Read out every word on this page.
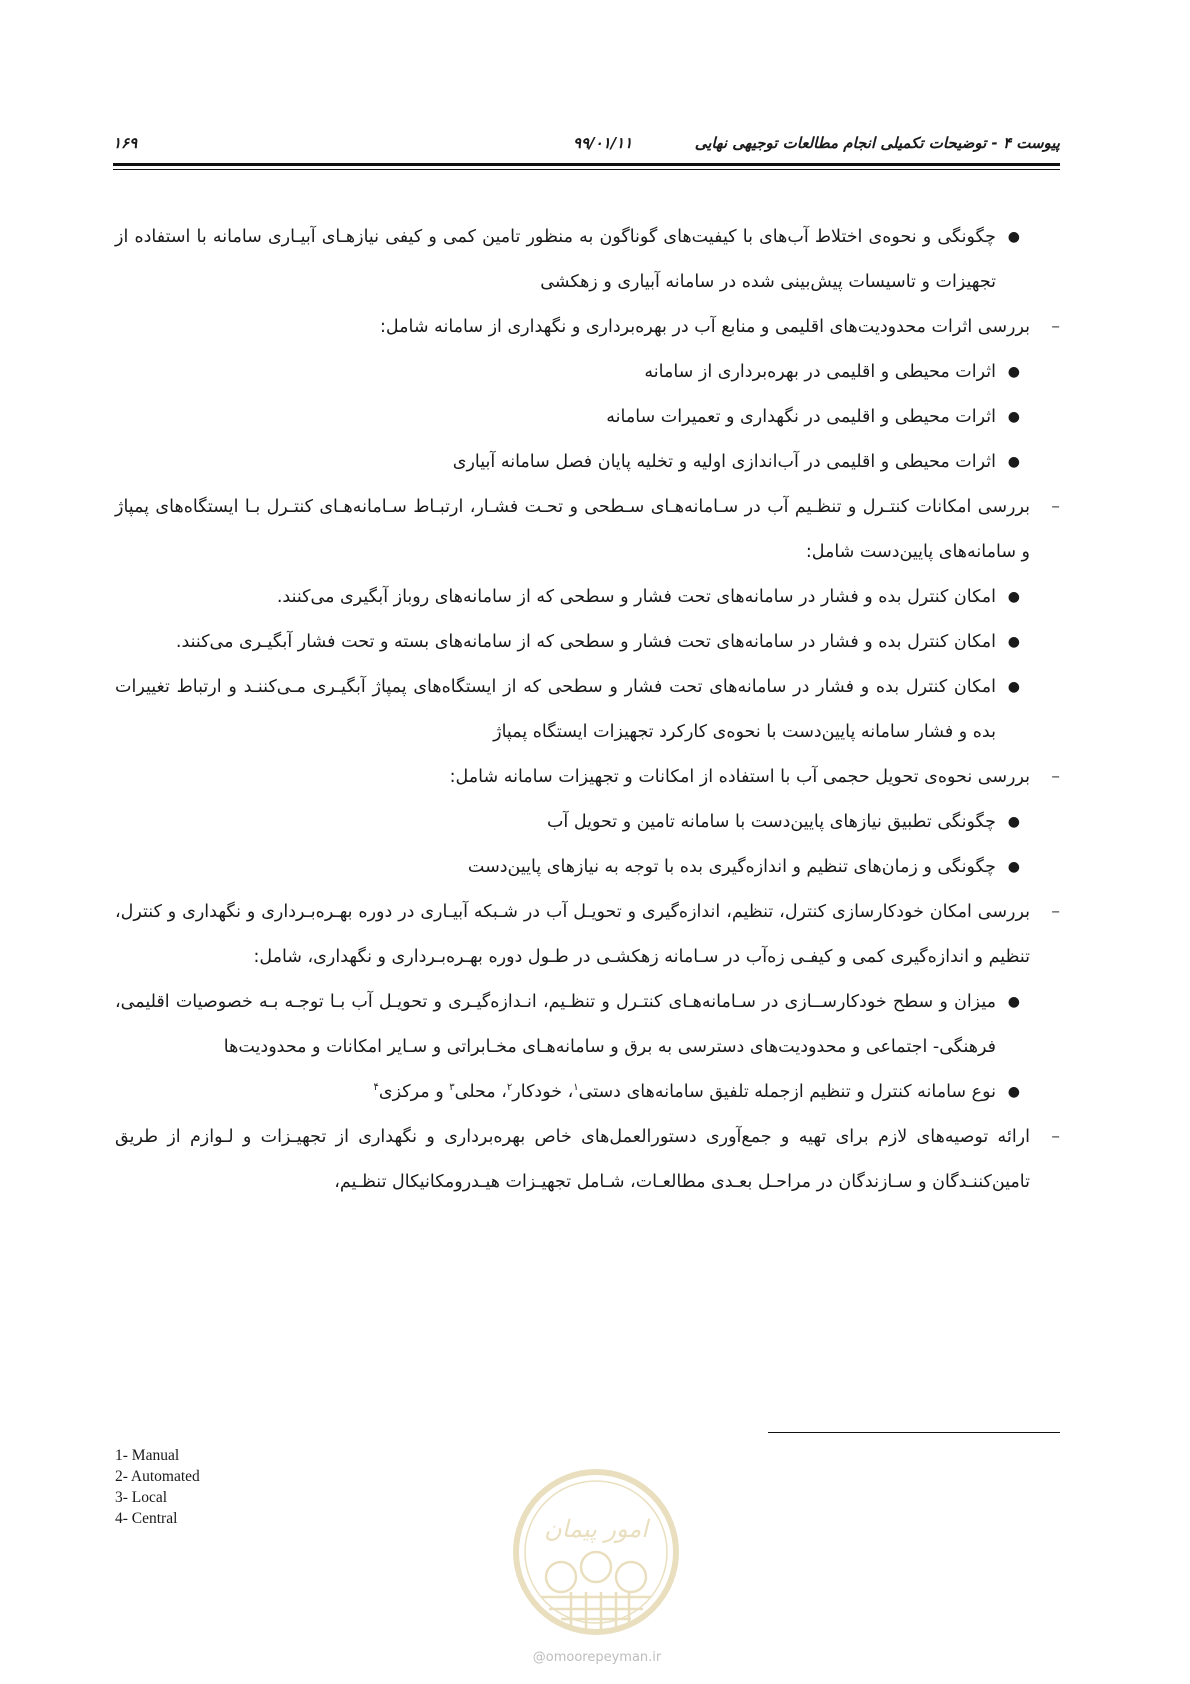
پیوست ۴ - توضیحات تکمیلی انجام مطالعات توجیهی نهایی
۹۹/۰۱/۱۱
۱۶۹
●
چگونگی و نحوه‌ی اختلاط آب‌های با کیفیت‌های گوناگون به منظور تامین کمی و کیفی نیازهـای آبیـاری سامانه با استفاده از تجهیزات و تاسیسات پیش‌بینی شده در سامانه آبیاری و زهکشی
–
بررسی اثرات محدودیت‌های اقلیمی و منابع آب در بهره‌برداری و نگهداری از سامانه شامل:
●
اثرات محیطی و اقلیمی در بهره‌برداری از سامانه
●
اثرات محیطی و اقلیمی در نگهداری و تعمیرات سامانه
●
اثرات محیطی و اقلیمی در آب‌اندازی اولیه و تخلیه پایان فصل سامانه آبیاری
–
بررسی امکانات کنتـرل و تنظـیم آب در سـامانه‌هـای سـطحی و تحـت فشـار، ارتبـاط سـامانه‌هـای کنتـرل بـا ایستگاه‌های پمپاژ و سامانه‌های پایین‌دست شامل:
●
امکان کنترل بده و فشار در سامانه‌های تحت فشار و سطحی که از سامانه‌های روباز آبگیری می‌کنند.
●
امکان کنترل بده و فشار در سامانه‌های تحت فشار و سطحی که از سامانه‌های بسته و تحت فشار آبگیـری می‌کنند.
●
امکان کنترل بده و فشار در سامانه‌های تحت فشار و سطحی که از ایستگاه‌های پمپاژ آبگیـری مـی‌کننـد و ارتباط تغییرات بده و فشار سامانه پایین‌دست با نحوه‌ی کارکرد تجهیزات ایستگاه پمپاژ
–
بررسی نحوه‌ی تحویل حجمی آب با استفاده از امکانات و تجهیزات سامانه شامل:
●
چگونگی تطبیق نیازهای پایین‌دست با سامانه تامین و تحویل آب
●
چگونگی و زمان‌های تنظیم و اندازه‌گیری بده با توجه به نیازهای پایین‌دست
–
بررسی امکان خودکارسازی کنترل، تنظیم، اندازه‌گیری و تحویـل آب در شـبکه آبیـاری در دوره بهـره‌بـرداری و نگهداری و کنترل، تنظیم و اندازه‌گیری کمی و کیفـی زه‌آب در سـامانه زهکشـی در طـول دوره بهـره‌بـرداری و نگهداری، شامل:
●
میزان و سطح خودکارســازی در سـامانه‌هـای کنتـرل و تنظـیم، انـدازه‌گیـری و تحویـل آب بـا توجـه بـه خصوصیات اقلیمی، فرهنگی- اجتماعی و محدودیت‌های دسترسی به برق و سامانه‌هـای مخـابراتی و سـایر امکانات و محدودیت‌ها
●
نوع سامانه کنترل و تنظیم ازجمله تلفیق سامانه‌های دستی$^۱$، خودکار$^۲$، محلی$^۳$ و مرکزی$^۴$
–
ارائه توصیه‌های لازم برای تهیه و جمع‌آوری دستورالعمل‌های خاص بهره‌برداری و نگهداری از تجهیـزات و لـوازم از طریق تامین‌کننـدگان و سـازندگان در مراحـل بعـدی مطالعـات، شـامل تجهیـزات هیـدرومکانیکال تنظـیم،
1- Manual
2- Automated
3- Local
4- Central	امور پیمان
@omoorepeyman.ir
